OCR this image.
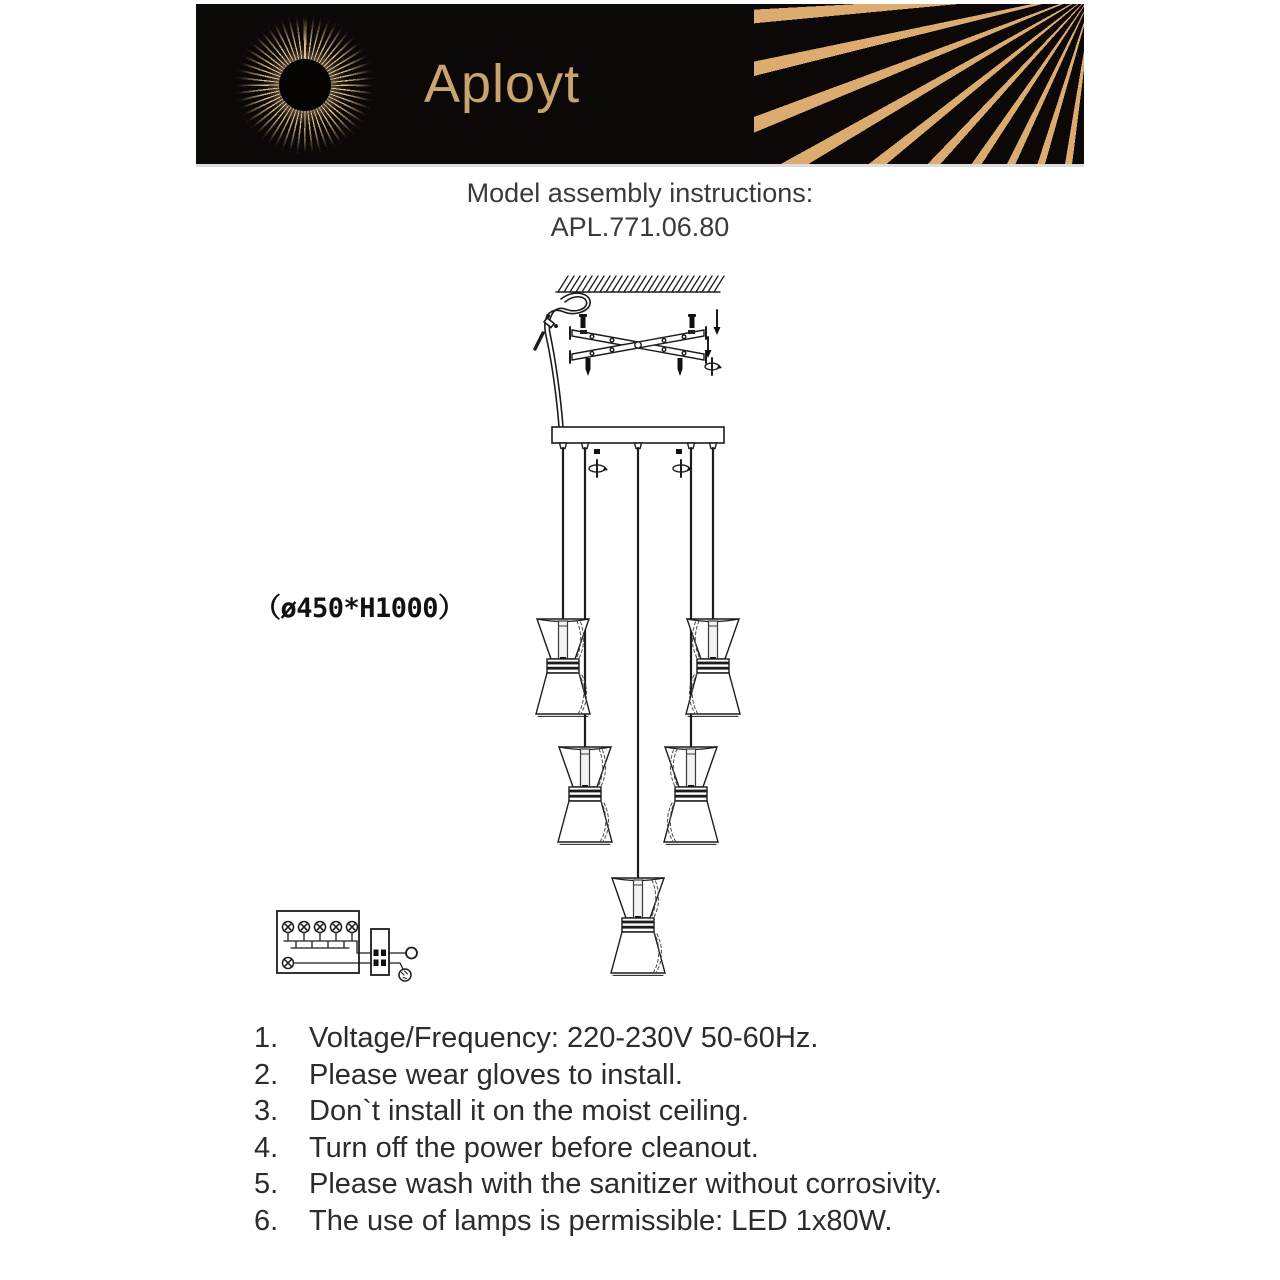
Aployt
Model assembly instructions:
APL.771.06.80
（ø450*H1000）
1.	Voltage/Frequency: 220-230V 50-60Hz.
2.	Please wear gloves to install.
3.	Don`t install it on the moist ceiling.
4.	Turn off the power before cleanout.
5.	Please wash with the sanitizer without corrosivity.
6.	The use of lamps is permissible: LED 1x80W.
